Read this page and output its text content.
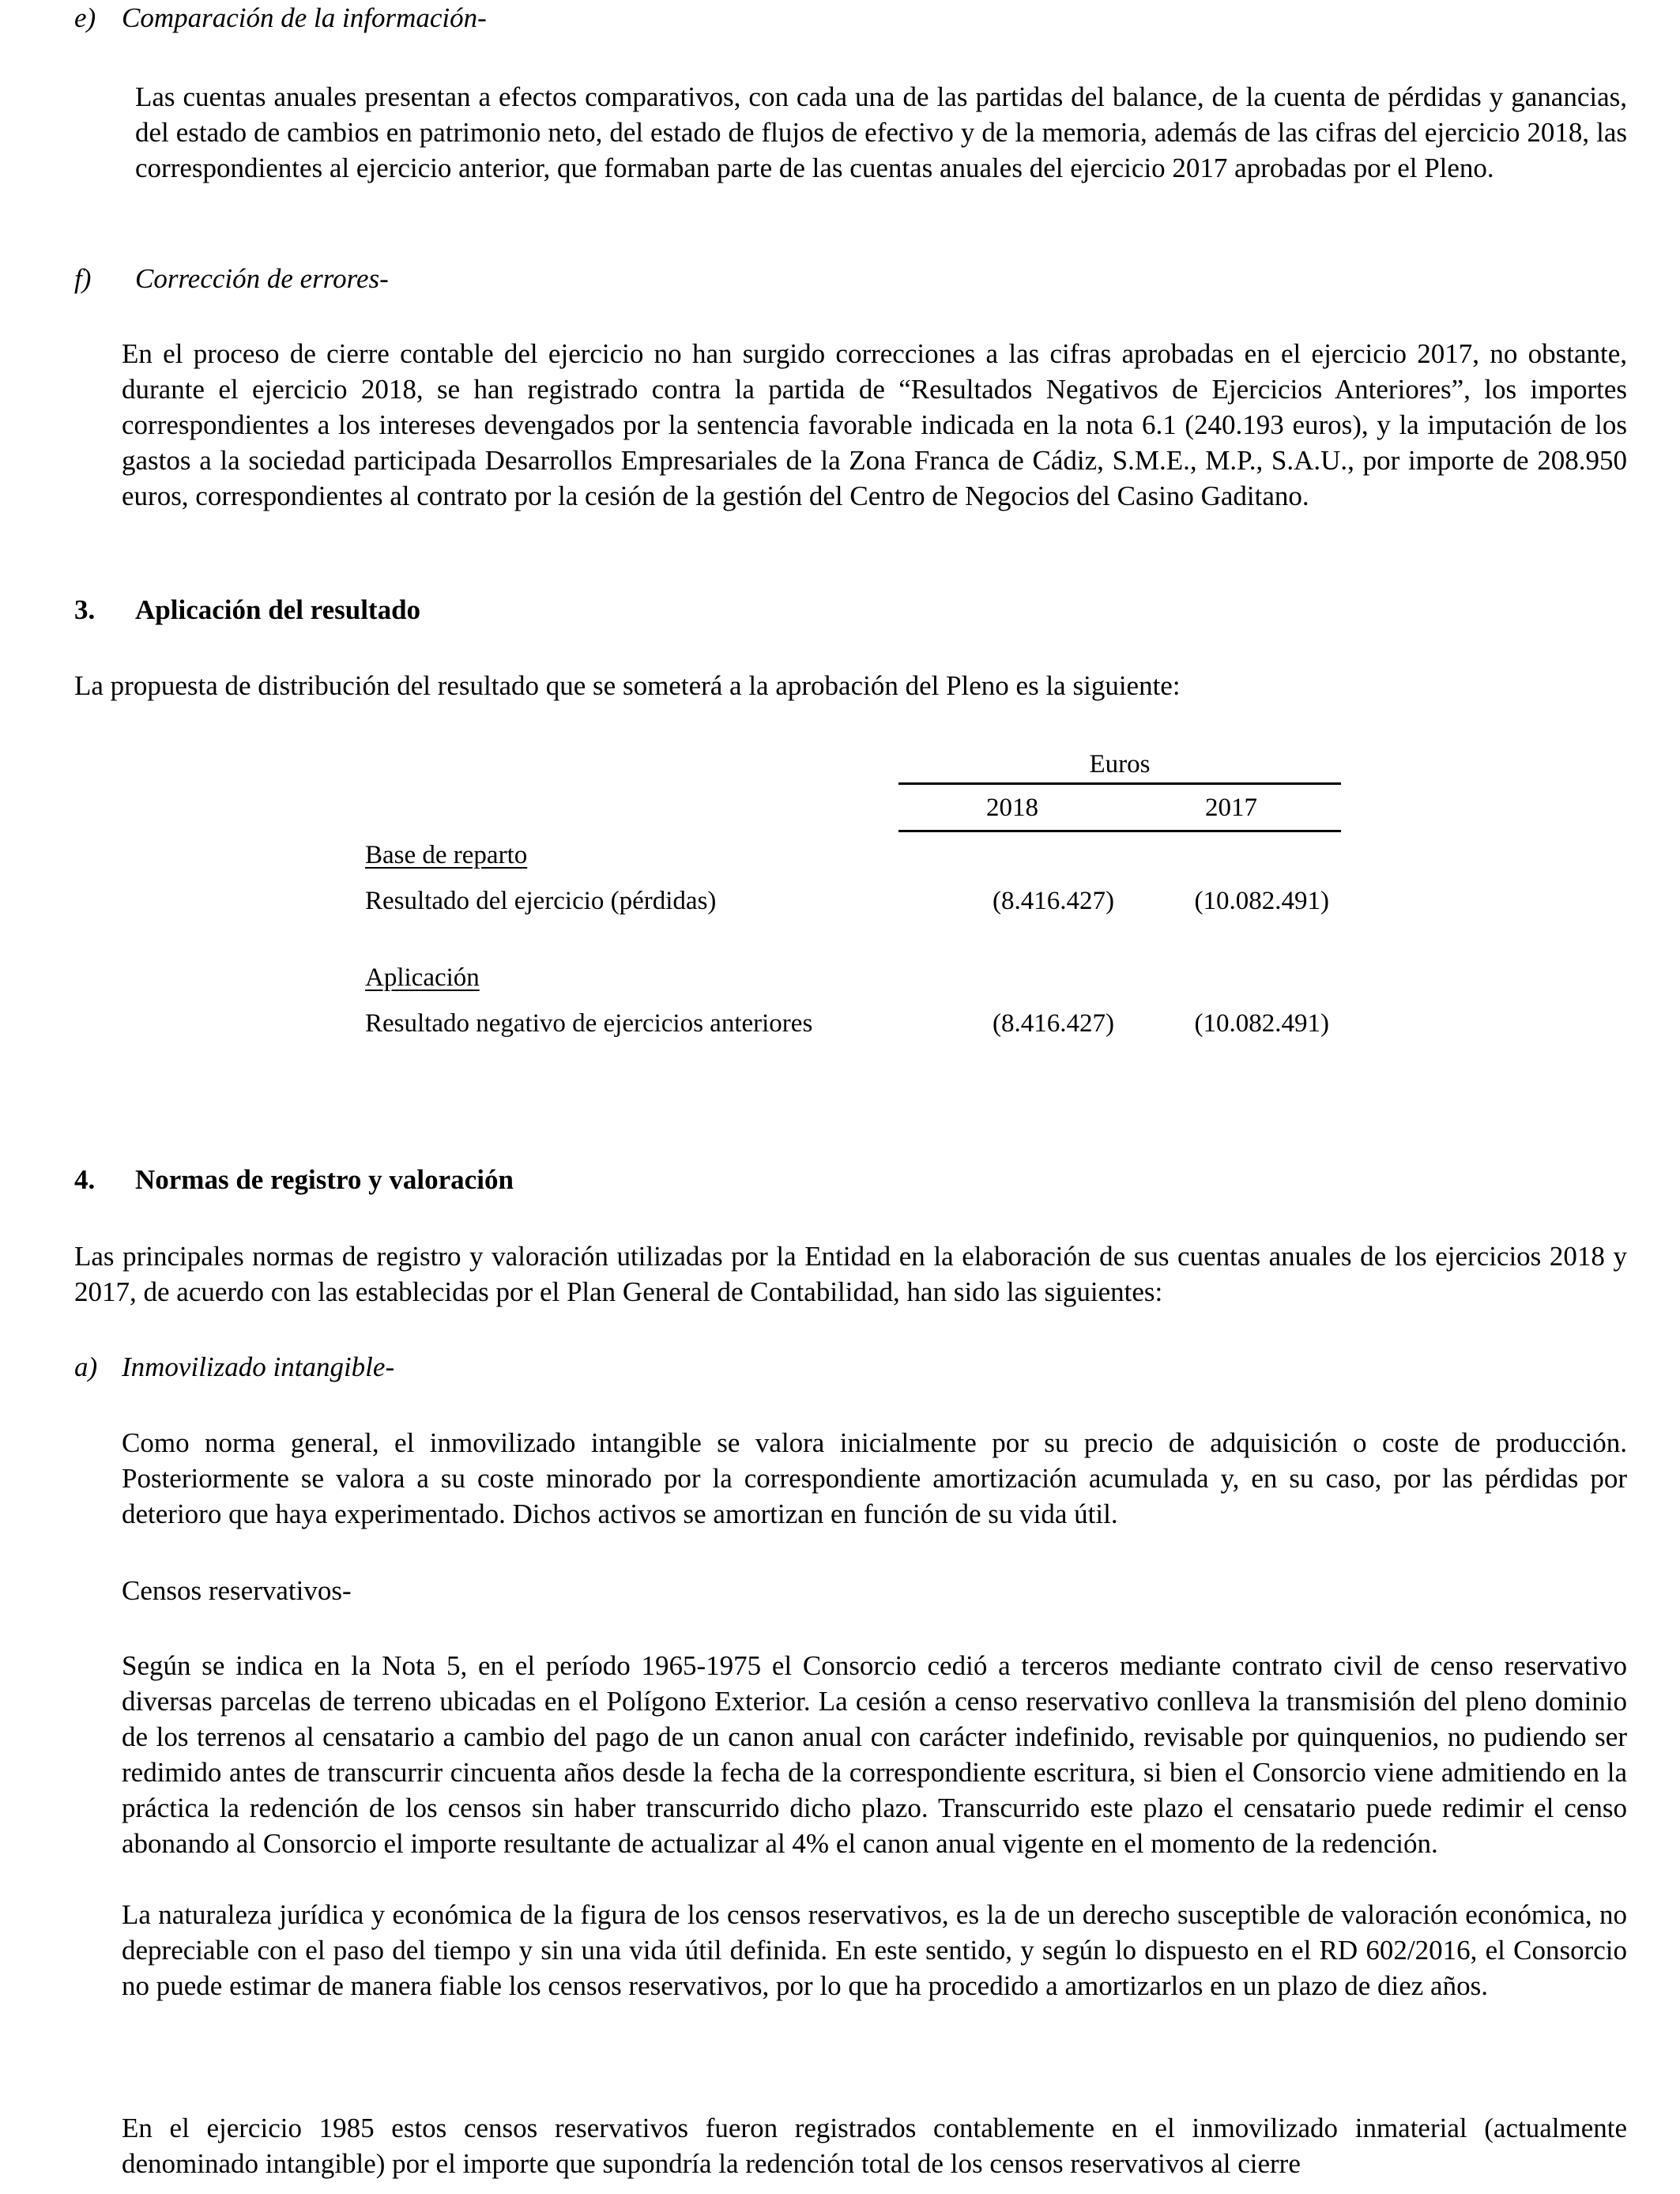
e) Comparación de la información-

Las cuentas anuales presentan a efectos comparativos, con cada una de las partidas del balance, de la cuenta de pérdidas y ganancias, del estado de cambios en patrimonio neto, del estado de flujos de efectivo y de la memoria, además de las cifras del ejercicio 2018, las correspondientes al ejercicio anterior, que formaban parte de las cuentas anuales del ejercicio 2017 aprobadas por el Pleno.

f) Corrección de errores-

En el proceso de cierre contable del ejercicio no han surgido correcciones a las cifras aprobadas en el ejercicio 2017, no obstante, durante el ejercicio 2018, se han registrado contra la partida de “Resultados Negativos de Ejercicios Anteriores”, los importes correspondientes a los intereses devengados por la sentencia favorable indicada en la nota 6.1 (240.193 euros), y la imputación de los gastos a la sociedad participada Desarrollos Empresariales de la Zona Franca de Cádiz, S.M.E., M.P., S.A.U., por importe de 208.950 euros, correspondientes al contrato por la cesión de la gestión del Centro de Negocios del Casino Gaditano.

3. Aplicación del resultado

La propuesta de distribución del resultado que se someterá a la aprobación del Pleno es la siguiente:

Euros
2018	2017
Base de reparto
Resultado del ejercicio (pérdidas)	(8.416.427)	(10.082.491)
Aplicación
Resultado negativo de ejercicios anteriores	(8.416.427)	(10.082.491)
4. Normas de registro y valoración

Las principales normas de registro y valoración utilizadas por la Entidad en la elaboración de sus cuentas anuales de los ejercicios 2018 y 2017, de acuerdo con las establecidas por el Plan General de Contabilidad, han sido las siguientes:

a) Inmovilizado intangible-

Como norma general, el inmovilizado intangible se valora inicialmente por su precio de adquisición o coste de producción. Posteriormente se valora a su coste minorado por la correspondiente amortización acumulada y, en su caso, por las pérdidas por deterioro que haya experimentado. Dichos activos se amortizan en función de su vida útil.

Censos reservativos-

Según se indica en la Nota 5, en el período 1965-1975 el Consorcio cedió a terceros mediante contrato civil de censo reservativo diversas parcelas de terreno ubicadas en el Polígono Exterior. La cesión a censo reservativo conlleva la transmisión del pleno dominio de los terrenos al censatario a cambio del pago de un canon anual con carácter indefinido, revisable por quinquenios, no pudiendo ser redimido antes de transcurrir cincuenta años desde la fecha de la correspondiente escritura, si bien el Consorcio viene admitiendo en la práctica la redención de los censos sin haber transcurrido dicho plazo. Transcurrido este plazo el censatario puede redimir el censo abonando al Consorcio el importe resultante de actualizar al 4% el canon anual vigente en el momento de la redención.

La naturaleza jurídica y económica de la figura de los censos reservativos, es la de un derecho susceptible de valoración económica, no depreciable con el paso del tiempo y sin una vida útil definida. En este sentido, y según lo dispuesto en el RD 602/2016, el Consorcio no puede estimar de manera fiable los censos reservativos, por lo que ha procedido a amortizarlos en un plazo de diez años.

En el ejercicio 1985 estos censos reservativos fueron registrados contablemente en el inmovilizado inmaterial (actualmente denominado intangible) por el importe que supondría la redención total de los censos reservativos al cierre
